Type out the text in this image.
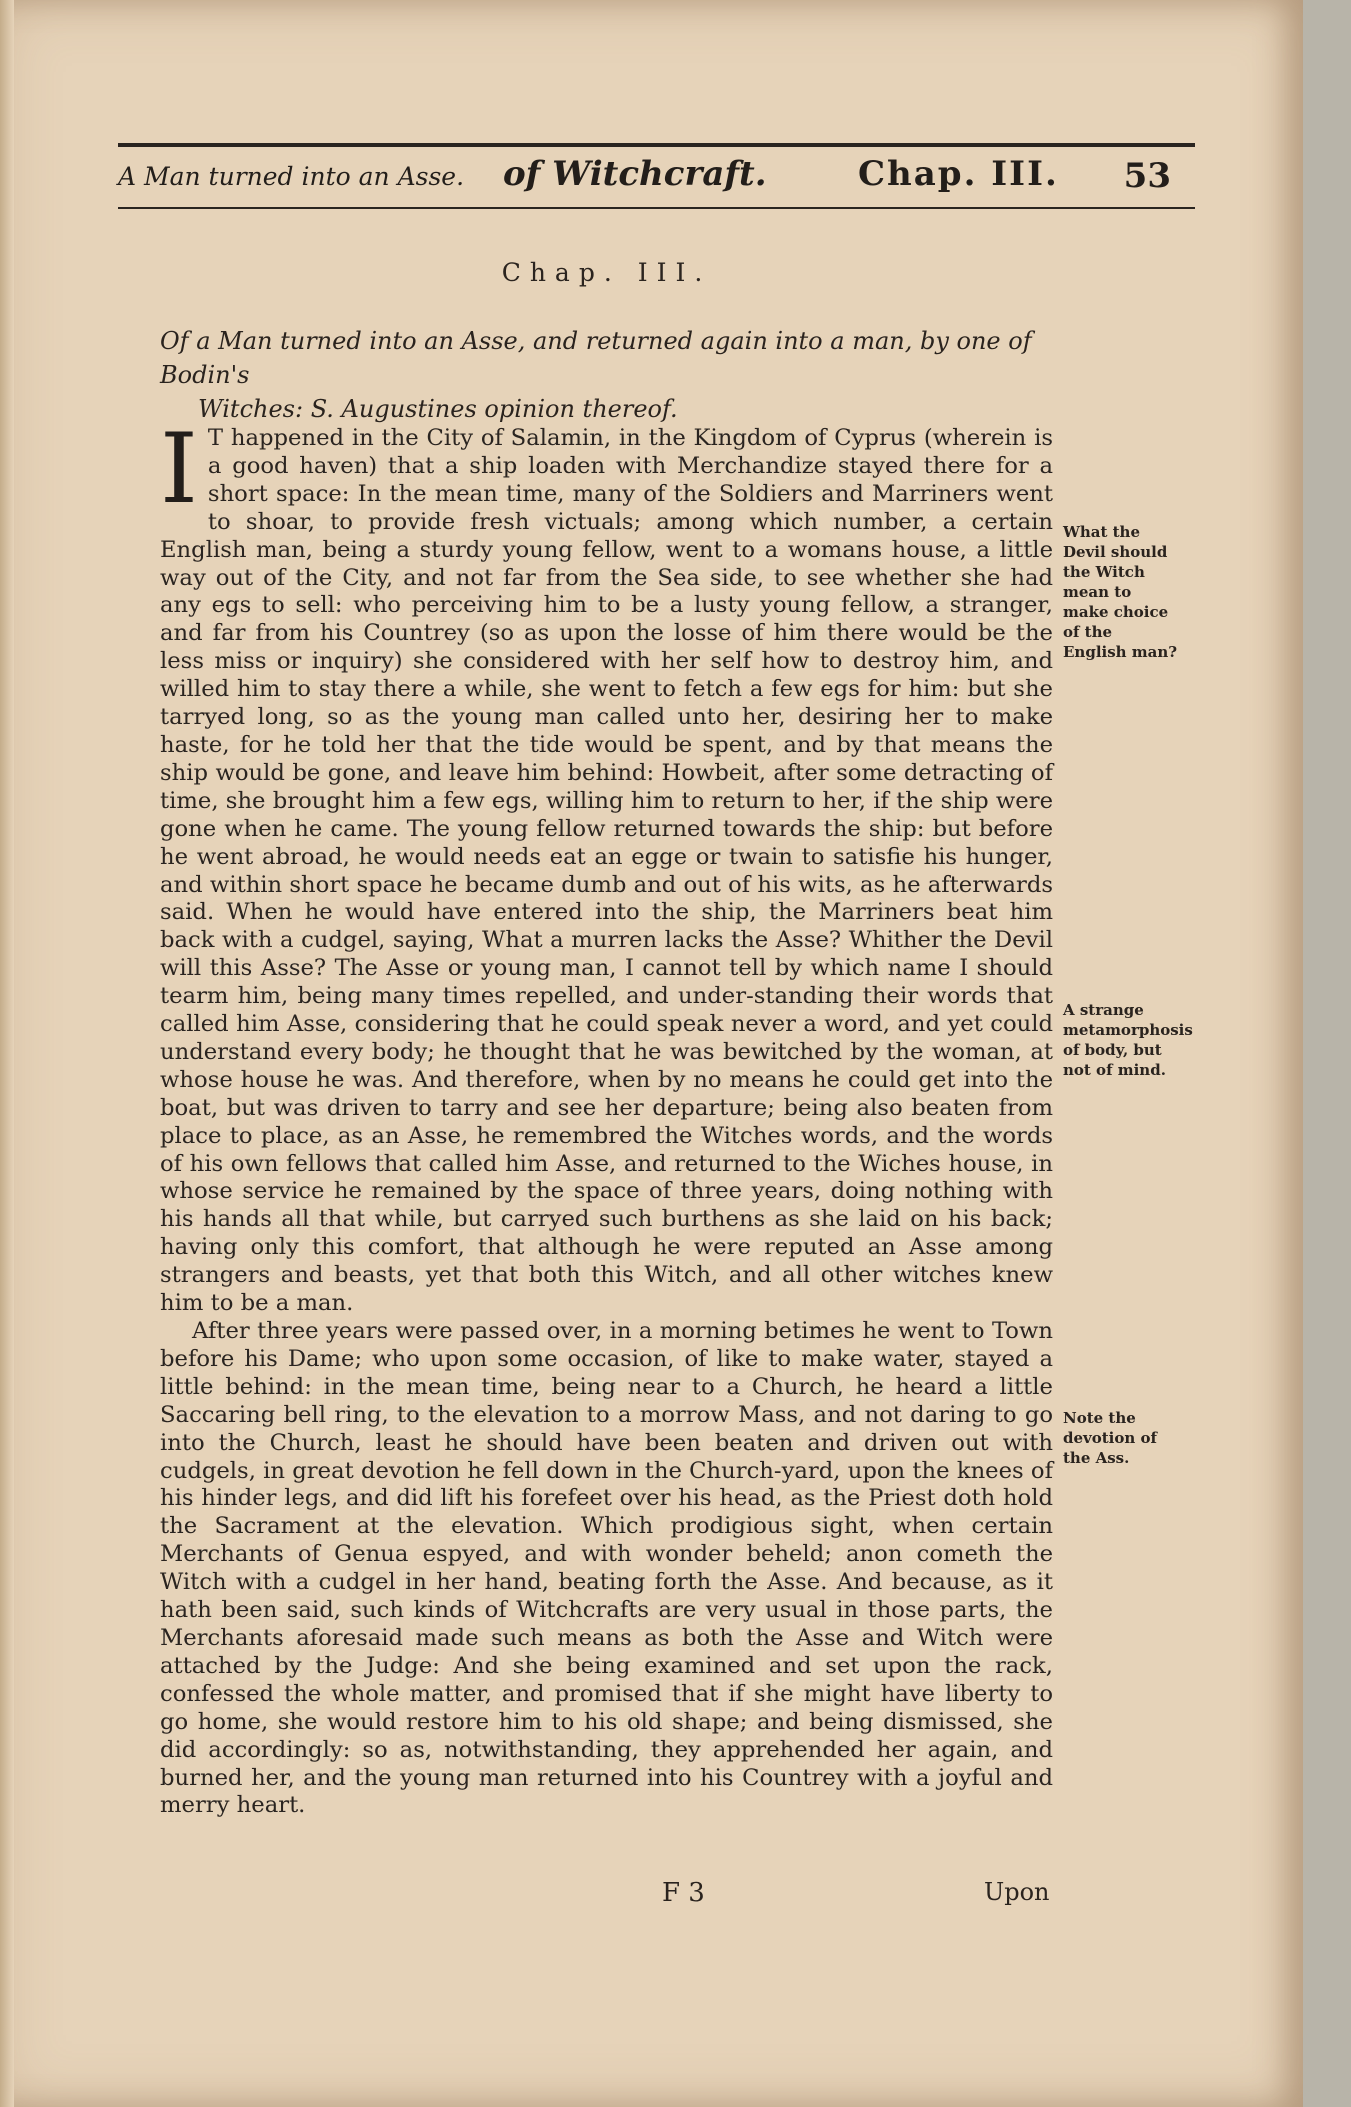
A Man turned into an Asse. of Witchcraft.	Chap. III. 53
Chap. III.
Of a Man turned into an Asse, and returned again into a man, by one of Bodin's
Witches: S. Augustines opinion thereof.

I T happened in the City of Salamin, in the Kingdom of Cyprus (wherein is a good haven) that a ship loaden with Merchandize stayed there for a short space: In the mean time, many of the Soldiers and Marriners went to shoar, to provide fresh victuals; among which number, a certain English man, being a sturdy young fellow, went to a womans house, a little way out of the City, and not far from the Sea side, to see whether she had any egs to sell: who perceiving him to be a lusty young fellow, a stranger, and far from his Countrey (so as upon the losse of him there would be the less miss or inquiry) she considered with her self how to destroy him, and willed him to stay there a while, she went to fetch a few egs for him: but she tarryed long, so as the young man called unto her, desiring her to make haste, for he told her that the tide would be spent, and by that means the ship would be gone, and leave him behind: Howbeit, after some detracting of time, she brought him a few egs, willing him to return to her, if the ship were gone when he came. The young fellow returned towards the ship: but before he went abroad, he would needs eat an egge or twain to satisfie his hunger, and within short space he became dumb and out of his wits, as he afterwards said. When he would have entered into the ship, the Marriners beat him back with a cudgel, saying, What a murren lacks the Asse? Whither the Devil will this Asse? The Asse or young man, I cannot tell by which name I should tearm him, being many times repelled, and under-standing their words that called him Asse, considering that he could speak never a word, and yet could understand every body; he thought that he was bewitched by the woman, at whose house he was. And therefore, when by no means he could get into the boat, but was driven to tarry and see her departure; being also beaten from place to place, as an Asse, he remembred the Witches words, and the words of his own fellows that called him Asse, and returned to the Wiches house, in whose service he remained by the space of three years, doing nothing with his hands all that while, but carryed such burthens as she laid on his back; having only this comfort, that although he were reputed an Asse among strangers and beasts, yet that both this Witch, and all other witches knew him to be a man.

After three years were passed over, in a morning betimes he went to Town before his Dame; who upon some occasion, of like to make water, stayed a little behind: in the mean time, being near to a Church, he heard a little Saccaring bell ring, to the elevation to a morrow Mass, and not daring to go into the Church, least he should have been beaten and driven out with cudgels, in great devotion he fell down in the Church-yard, upon the knees of his hinder legs, and did lift his forefeet over his head, as the Priest doth hold the Sacrament at the elevation. Which prodigious sight, when certain Merchants of Genua espyed, and with wonder beheld; anon cometh the Witch with a cudgel in her hand, beating forth the Asse. And because, as it hath been said, such kinds of Witchcrafts are very usual in those parts, the Merchants aforesaid made such means as both the Asse and Witch were attached by the Judge: And she being examined and set upon the rack, confessed the whole matter, and promised that if she might have liberty to go home, she would restore him to his old shape; and being dismissed, she did accordingly: so as, notwithstanding, they apprehended her again, and burned her, and the young man returned into his Countrey with a joyful and merry heart.

What the Devil should the Witch mean to make choice of the English man?
A strange metamorphosis of body, but not of mind.
Note the devotion of the Ass.
F 3	Upon
